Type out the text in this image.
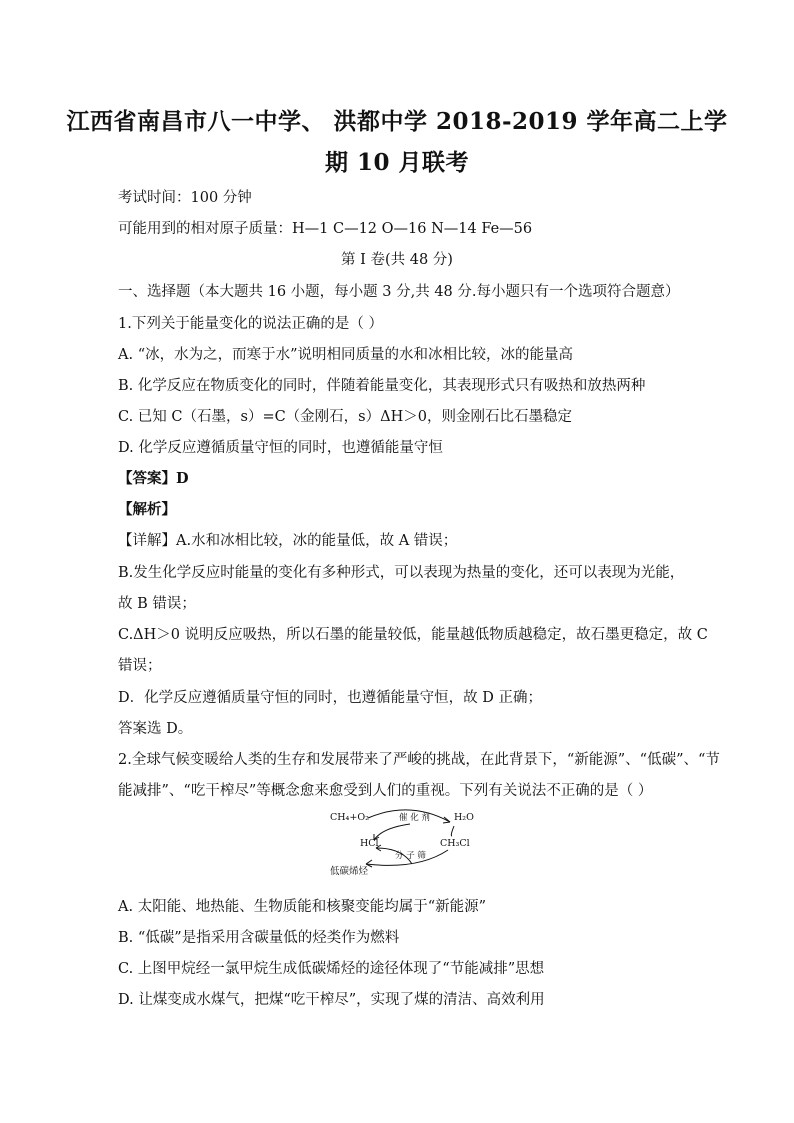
江西省南昌市八一中学、 洪都中学 2018-2019 学年高二上学
期 10 月联考
考试时间：100 分钟
可能用到的相对原子质量：H—1 C—12 O—16 N—14 Fe—56
第 I 卷(共 48 分)
一、选择题（本大题共 16 小题，每小题 3 分,共 48 分.每小题只有一个选项符合题意）
1.下列关于能量变化的说法正确的是（ ）
A. “冰，水为之，而寒于水”说明相同质量的水和冰相比较，冰的能量高
B. 化学反应在物质变化的同时，伴随着能量变化，其表现形式只有吸热和放热两种
C. 已知 C（石墨，s）=C（金刚石，s）ΔH＞0，则金刚石比石墨稳定
D. 化学反应遵循质量守恒的同时，也遵循能量守恒
【答案】D
【解析】
【详解】A.水和冰相比较，冰的能量低，故 A 错误；
B.发生化学反应时能量的变化有多种形式，可以表现为热量的变化，还可以表现为光能，
故 B 错误；
C.ΔH＞0 说明反应吸热，所以石墨的能量较低，能量越低物质越稳定，故石墨更稳定，故 C
错误；
D．化学反应遵循质量守恒的同时，也遵循能量守恒，故 D 正确；
答案选 D。
2.全球气候变暖给人类的生存和发展带来了严峻的挑战，在此背景下，“新能源”、“低碳”、“节
能减排”、“吃干榨尽”等概念愈来愈受到人们的重视。下列有关说法不正确的是（ ）
CH₄+O₂	H₂O
HCl	CH₃Cl
低碳烯烃
催 化 剂
分 子 筛
A. 太阳能、地热能、生物质能和核聚变能均属于“新能源”
B. “低碳”是指采用含碳量低的烃类作为燃料
C. 上图甲烷经一氯甲烷生成低碳烯烃的途径体现了“节能减排”思想
D. 让煤变成水煤气，把煤“吃干榨尽”，实现了煤的清洁、高效利用
